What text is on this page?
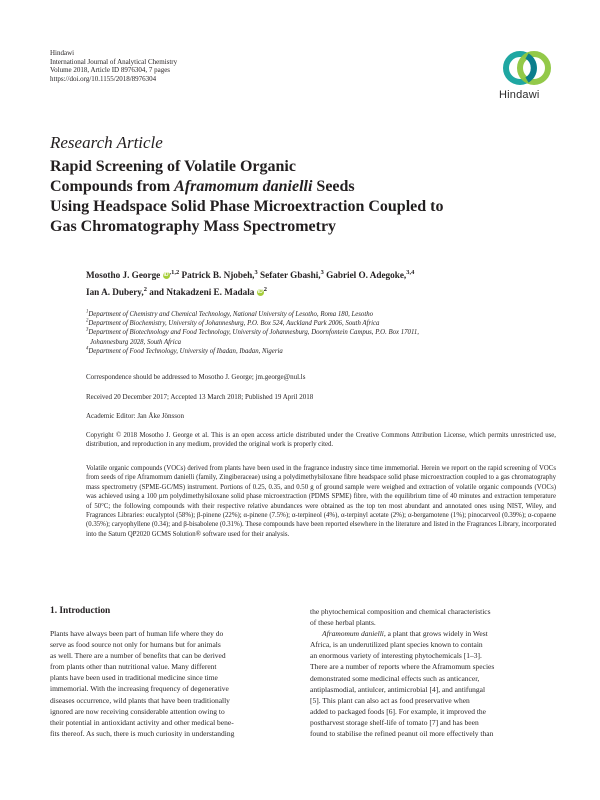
Hindawi
International Journal of Analytical Chemistry
Volume 2018, Article ID 8976304, 7 pages
https://doi.org/10.1155/2018/8976304
Hindawi
Research Article
Rapid Screening of Volatile Organic
Compounds from Aframomum danielli Seeds
Using Headspace Solid Phase Microextraction Coupled to
Gas Chromatography Mass Spectrometry
Mosotho J. George $iD^{,1,2}$ Patrick B. Njobeh,$^3$ Sefater Gbashi,$^3$ Gabriel O. Adegoke,$^{3,4}$
Ian A. Dubery,$^2$ and Ntakadzeni E. Madala $iD^2$
$^1$Department of Chemistry and Chemical Technology, National University of Lesotho, Roma 180, Lesotho
$^2$Department of Biochemistry, University of Johannesburg, P.O. Box 524, Auckland Park 2006, South Africa
$^3$Department of Biotechnology and Food Technology, University of Johannesburg, Doornfontein Campus, P.O. Box 17011,
Johannesburg 2028, South Africa
$^4$Department of Food Technology, University of Ibadan, Ibadan, Nigeria
Correspondence should be addressed to Mosotho J. George; jm.george@nul.ls
Received 20 December 2017; Accepted 13 March 2018; Published 19 April 2018
Academic Editor: Jan Åke Jönsson
Copyright © 2018 Mosotho J. George et al. This is an open access article distributed under the Creative Commons Attribution License, which permits unrestricted use, distribution, and reproduction in any medium, provided the original work is properly cited.
Volatile organic compounds (VOCs) derived from plants have been used in the fragrance industry since time immemorial. Herein we report on the rapid screening of VOCs from seeds of ripe Aframomum danielli (family, Zingiberaceae) using a polydimethylsiloxane fibre headspace solid phase microextraction coupled to a gas chromatography mass spectrometry (SPME-GC/MS) instrument. Portions of 0.25, 0.35, and 0.50 g of ground sample were weighed and extraction of volatile organic compounds (VOCs) was achieved using a 100 µm polydimethylsiloxane solid phase microextraction (PDMS SPME) fibre, with the equilibrium time of 40 minutes and extraction temperature of 50°C; the following compounds with their respective relative abundances were obtained as the top ten most abundant and annotated ones using NIST, Wiley, and Fragrances Libraries: eucalyptol (58%); β-pinene (22%); α-pinene (7.5%); α-terpineol (4%), α-terpinyl acetate (2%); α-bergamotene (1%); pinocarveol (0.39%); α-copaene (0.35%); caryophyllene (0.34); and β-bisabolene (0.31%). These compounds have been reported elsewhere in the literature and listed in the Fragrances Library, incorporated into the Saturn QP2020 GCMS Solution® software used for their analysis.
1. Introduction
Plants have always been part of human life where they do
serve as food source not only for humans but for animals
as well. There are a number of benefits that can be derived
from plants other than nutritional value. Many different
plants have been used in traditional medicine since time
immemorial. With the increasing frequency of degenerative
diseases occurrence, wild plants that have been traditionally
ignored are now receiving considerable attention owing to
their potential in antioxidant activity and other medical bene-
fits thereof. As such, there is much curiosity in understanding
the phytochemical composition and chemical characteristics
of these herbal plants.
Aframomum danielli, a plant that grows widely in West
Africa, is an underutilized plant species known to contain
an enormous variety of interesting phytochemicals [1–3].
There are a number of reports where the Aframomum species
demonstrated some medicinal effects such as anticancer,
antiplasmodial, antiulcer, antimicrobial [4], and antifungal
[5]. This plant can also act as food preservative when
added to packaged foods [6]. For example, it improved the
postharvest storage shelf-life of tomato [7] and has been
found to stabilise the refined peanut oil more effectively than
